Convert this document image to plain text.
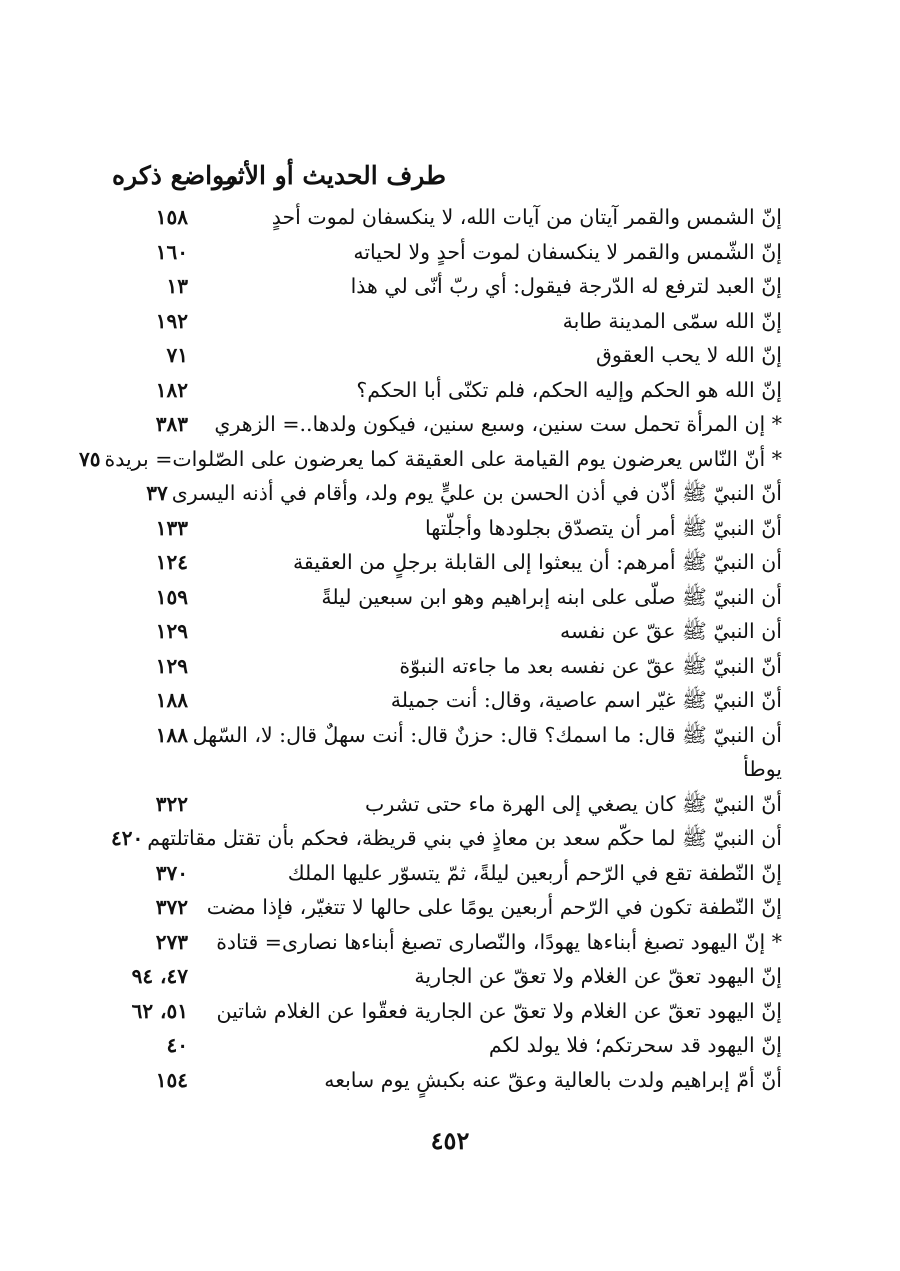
طرف الحديث أو الأثر
مواضع ذكره
إنّ الشمس والقمر آيتان من آيات الله، لا ينكسفان لموت أحدٍ
١٥٨
إنّ الشّمس والقمر لا ينكسفان لموت أحدٍ ولا لحياته
١٦٠
إنّ العبد لترفع له الدّرجة فيقول: أي ربّ أنّى لي هذا
١٣
إنّ الله سمّى المدينة طابة
١٩٢
إنّ الله لا يحب العقوق
٧١
إنّ الله هو الحكم وإليه الحكم، فلم تكنّى أبا الحكم؟
١٨٢
* إن المرأة تحمل ست سنين، وسبع سنين، فيكون ولدها..= الزهري
٣٨٣
* أنّ النّاس يعرضون يوم القيامة على العقيقة كما يعرضون على الصّلوات= بريدة
٧٥
أنّ النبيّ ﷺ أذّن في أذن الحسن بن عليٍّ يوم ولد، وأقام في أذنه اليسرى
٣٧
أنّ النبيّ ﷺ أمر أن يتصدّق بجلودها وأجلّتها
١٣٣
أن النبيّ ﷺ أمرهم: أن يبعثوا إلى القابلة برجلٍ من العقيقة
١٢٤
أن النبيّ ﷺ صلّى على ابنه إبراهيم وهو ابن سبعين ليلةً
١٥٩
أن النبيّ ﷺ عقّ عن نفسه
١٢٩
أنّ النبيّ ﷺ عقّ عن نفسه بعد ما جاءته النبوّة
١٢٩
أنّ النبيّ ﷺ غيّر اسم عاصية، وقال: أنت جميلة
١٨٨
أن النبيّ ﷺ قال: ما اسمك؟ قال: حزنٌ قال: أنت سهلٌ قال: لا، السّهل يوطأ
١٨٨
أنّ النبيّ ﷺ كان يصغي إلى الهرة ماء حتى تشرب
٣٢٢
أن النبيّ ﷺ لما حكّم سعد بن معاذٍ في بني قريظة، فحكم بأن تقتل مقاتلتهم
٤٢٠
إنّ النّطفة تقع في الرّحم أربعين ليلةً، ثمّ يتسوّر عليها الملك
٣٧٠
إنّ النّطفة تكون في الرّحم أربعين يومًا على حالها لا تتغيّر، فإذا مضت
٣٧٢
* إنّ اليهود تصبغ أبناءها يهودًا، والنّصارى تصبغ أبناءها نصارى= قتادة
٢٧٣
إنّ اليهود تعقّ عن الغلام ولا تعقّ عن الجارية
٤٧، ٩٤
إنّ اليهود تعقّ عن الغلام ولا تعقّ عن الجارية فعقّوا عن الغلام شاتين
٥١، ٦٢
إنّ اليهود قد سحرتكم؛ فلا يولد لكم
٤٠
أنّ أمّ إبراهيم ولدت بالعالية وعقّ عنه بكبشٍ يوم سابعه
١٥٤
٤٥٢
